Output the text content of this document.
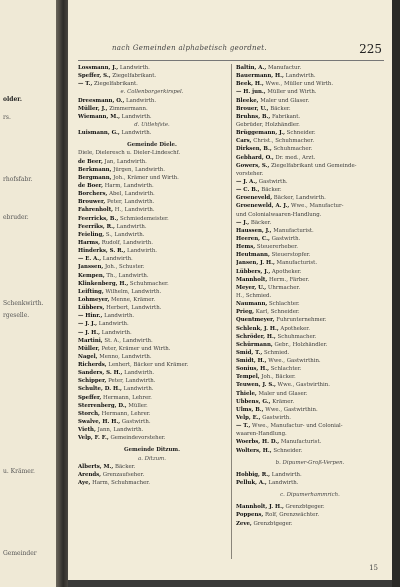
older.
rs.
rhofsfabr.
ebruder.
Schenkwirth.
rgeselle.
u. Krämer.
Gemeinder
nach Gemeinden alphabetisch geordnet.	225
Lossmann, J., Landwirth.
Speffer, S., Ziegelfabrikant.
— T., Ziegelfabrikant.
e. Collenborgerkirspel.
Dreesmann, O., Landwirth.
Müller, J., Zimmermann.
Wiemann, M., Landwirth.
d. Uitlehfste.
Luismann, G., Landwirth.
Gemeinde Diele.
Diele, Dieleresch u. Dieler-Lindeschf.
de Beer, Jan, Landwirth.
Berkmann, Jürgen, Landwirth.
Bergmann, Joh., Krämer und Wirth.
de Boer, Harm, Landwirth.
Borchers, Abel, Landwirth.
Brouwer, Peter, Landwirth.
Fahrenholt, H., Landwirth.
Feerricks, B., Schmiedemeister.
Feerriks, R., Landwirth.
Feieling, S., Landwirth.
Harms, Rudolf, Landwirth.
Hinderks, S. R., Landwirth.
— E. A., Landwirth.
Janssen, Joh., Schuster.
Kempen, Th., Landwirth.
Klinkenberg, H., Schuhmacher.
Leifting, Wilhelm, Landwirth.
Lohmeyer, Menne, Krämer.
Lübbers, Herbert, Landwirth.
— Hinr., Landwirth.
— J. J., Landwirth.
— J. H., Landwirth.
Martini, St. A., Landwirth.
Müller, Peter, Krämer und Wirth.
Nagel, Menno, Landwirth.
Richerds, Lenhert, Bäcker und Krämer.
Sanders, S. H., Landwirth.
Schipper, Peter, Landwirth.
Schulte, D. H., Landwirth.
Speffer, Hermann, Lehrer.
Sterrenberg, D., Müller.
Storch, Hermann, Lehrer.
Swalve, H. H., Gastwirth.
Vieth, Jann, Landwirth.
Velp, F. F., Gemeindevorsteher.
Gemeinde Ditzum.
a. Ditzum.
Alberts, M., Bäcker.
Arends, Grenzaufseher.
Aye, Harm, Schuhmacher.
Baltin, A., Manufactur.
Bauermann, H., Landwirth.
Beek, H., Wwe., Müller und Wirth.
— H. jun., Müller und Wirth.
Bleeke, Maler und Glaser.
Brouer, U., Bäcker.
Bruhns, B., Fabrikant.
Gebrüder, Holzhändler.
Brüggemann, J., Schneider.
Cars, Christ., Schuhmacher.
Dirksen, B., Schuhmacher.
Gebhard, O., Dr. med., Arzt.
Gowers, S., Ziegelfabrikant und Gemeinde-
vorsteher.
— J. A., Gastwirth.
— C. B., Bäcker.
Groeneveld, Bäcker, Landwirth.
Groeneweld, A. J., Wwe., Manufactur-
und Colonialwaaren-Handlung.
— J., Bäcker.
Haussen, J., Manufacturist.
Heeren, C., Gastwirth.
Hems, Steuererheber.
Heutmann, Steuerstopfer.
Jansen, J. H., Manufacturist.
Lübbers, J., Apotheker.
Mannholt, Herm., Färber.
Meyer, U., Uhrmacher.
H., Schmied.
Naumann, Schlachter.
Prieg, Karl, Schneider.
Quentmeyer, Fuhrunternehmer.
Schlenk, J. H., Apotheker.
Schröder, H., Schuhmacher.
Schürmann, Gebr., Holzhändler.
Smid, T., Schmied.
Smidt, H., Wwe., Gastwirthin.
Sonius, H., Schlachter.
Tempel, Joh., Bäcker.
Teuwen, J. S., Wwe., Gastwirthin.
Thiele, Maler und Glaser.
Ubbens, G., Krämer.
Ulms, B., Wwe., Gastwirthin.
Velp, E., Gastwirth.
— T., Wwe., Manufactur- und Colonial-
waaren-Handlung.
Woerbs, H. D., Manufacturist.
Wolters, H., Schneider.
b. Dipumer-Groß-Verpen.
Hobbig, R., Landwirth.
Pelluk, A., Landwirth.
c. Dipumerhammrich.
Mannholt, J. H., Grenzbtgeger.
Poppens, Rolf, Grenzwächter.
Zeve, Grenzbtgeger.
15
